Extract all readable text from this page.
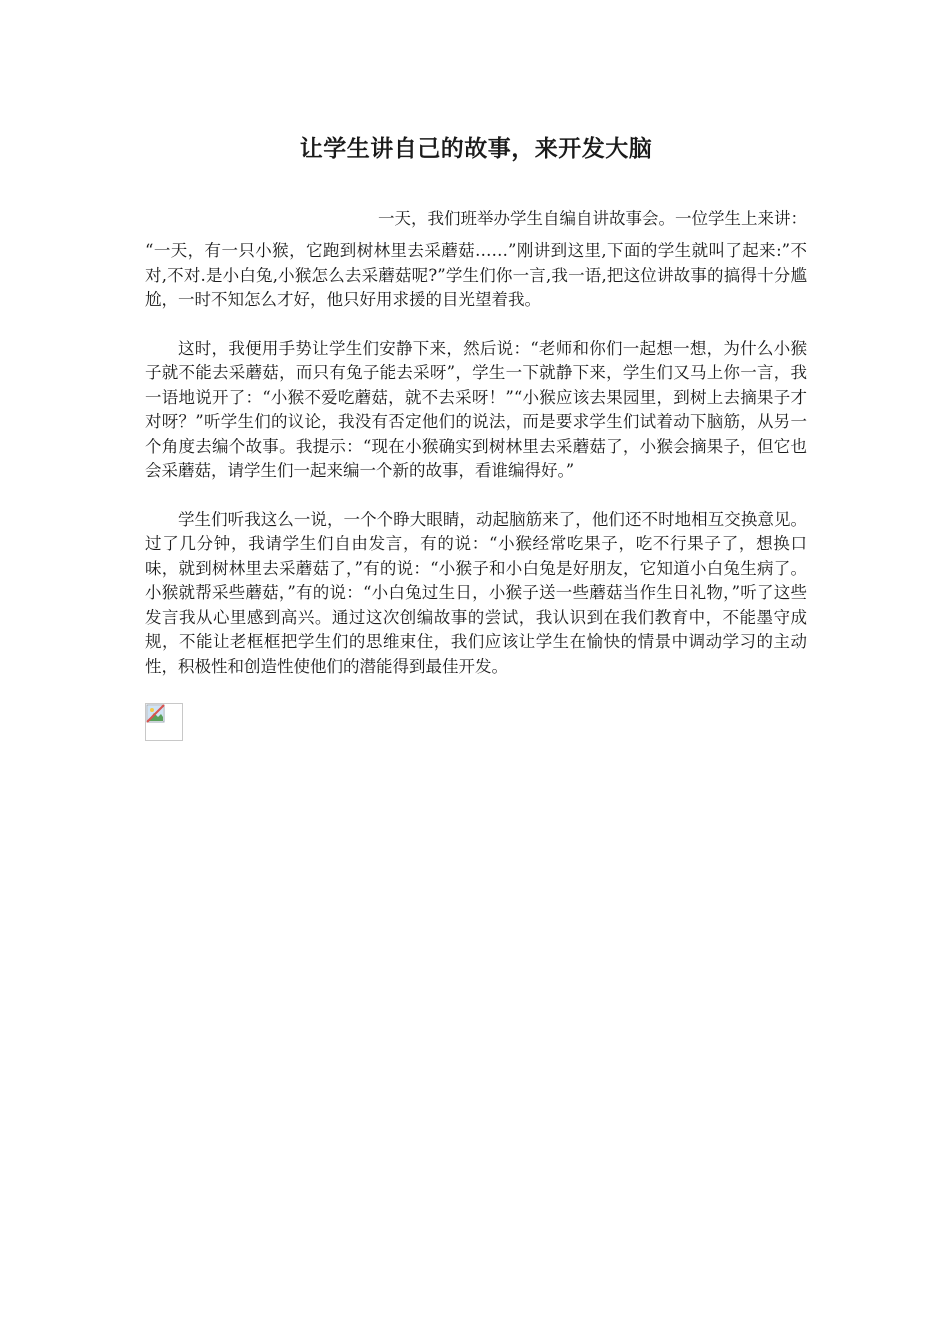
让学生讲自己的故事，来开发大脑

一天，我们班举办学生自编自讲故事会。一位学生上来讲：

“一天，有一只小猴，它跑到树林里去采蘑菇……”刚讲到这里,下面的学生就叫了起来:”不对,不对.是小白兔,小猴怎么去采蘑菇呢?”学生们你一言,我一语,把这位讲故事的搞得十分尴尬，一时不知怎么才好，他只好用求援的目光望着我。

这时，我便用手势让学生们安静下来，然后说：“老师和你们一起想一想，为什么小猴子就不能去采蘑菇，而只有兔子能去采呀”，学生一下就静下来，学生们又马上你一言，我一语地说开了：“小猴不爱吃蘑菇，就不去采呀！”“小猴应该去果园里，到树上去摘果子才对呀？”听学生们的议论，我没有否定他们的说法，而是要求学生们试着动下脑筋，从另一个角度去编个故事。我提示：“现在小猴确实到树林里去采蘑菇了，小猴会摘果子，但它也会采蘑菇，请学生们一起来编一个新的故事，看谁编得好。”

学生们听我这么一说，一个个睁大眼睛，动起脑筋来了，他们还不时地相互交换意见。过了几分钟，我请学生们自由发言，有的说：“小猴经常吃果子，吃不行果子了，想换口味，就到树林里去采蘑菇了，”有的说：“小猴子和小白兔是好朋友，它知道小白兔生病了。小猴就帮采些蘑菇，”有的说：“小白兔过生日，小猴子送一些蘑菇当作生日礼物，”听了这些发言我从心里感到高兴。通过这次创编故事的尝试，我认识到在我们教育中，不能墨守成规，不能让老框框把学生们的思维束住，我们应该让学生在愉快的情景中调动学习的主动性，积极性和创造性使他们的潜能得到最佳开发。
